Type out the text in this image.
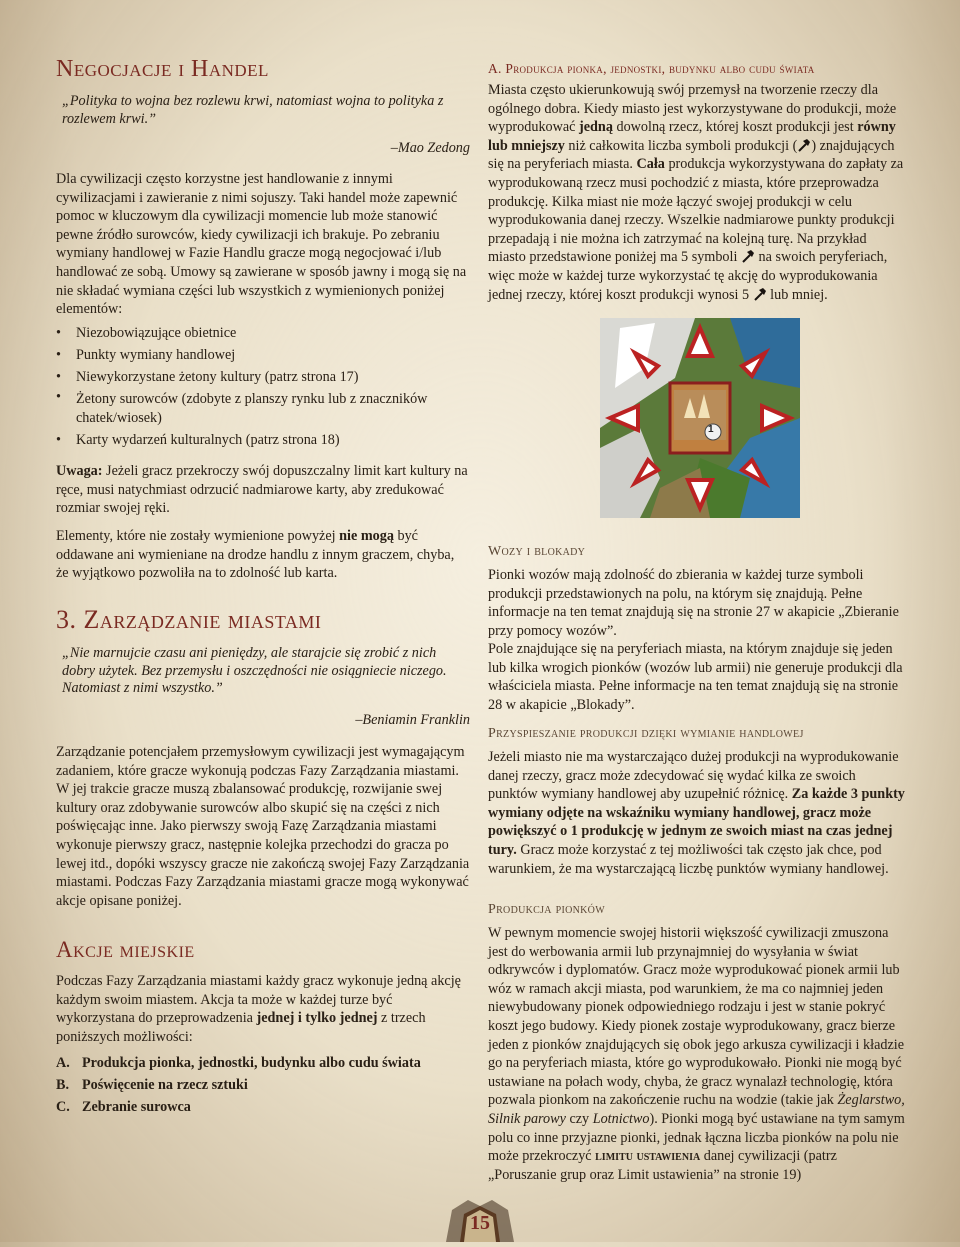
Negocjacje i Handel
„Polityka to wojna bez rozlewu krwi, natomiast wojna to polityka z rozlewem krwi.”
–Mao Zedong

Dla cywilizacji często korzystne jest handlowanie z innymi cywilizacjami i zawieranie z nimi sojuszy. Taki handel może zapewnić pomoc w kluczowym dla cywilizacji momencie lub może stanowić pewne źródło surowców, kiedy cywilizacji ich brakuje. Po zebraniu wymiany handlowej w Fazie Handlu gracze mogą negocjować i/lub handlować ze sobą. Umowy są zawierane w sposób jawny i mogą się na nie składać wymiana części lub wszystkich z wymienionych poniżej elementów:

• Niezobowiązujące obietnice
• Punkty wymiany handlowej
• Niewykorzystane żetony kultury (patrz strona 17)
• Żetony surowców (zdobyte z planszy rynku lub z znaczników chatek/wiosek)
• Karty wydarzeń kulturalnych (patrz strona 18)

Uwaga: Jeżeli gracz przekroczy swój dopuszczalny limit kart kultury na ręce, musi natychmiast odrzucić nadmiarowe karty, aby zredukować rozmiar swojej ręki.

Elementy, które nie zostały wymienione powyżej nie mogą być oddawane ani wymieniane na drodze handlu z innym graczem, chyba, że wyjątkowo pozwoliła na to zdolność lub karta.

3. Zarządzanie miastami
„Nie marnujcie czasu ani pieniędzy, ale starajcie się zrobić z nich dobry użytek. Bez przemysłu i oszczędności nie osiągniecie niczego. Natomiast z nimi wszystko.”
–Beniamin Franklin

Zarządzanie potencjałem przemysłowym cywilizacji jest wymagającym zadaniem, które gracze wykonują podczas Fazy Zarządzania miastami. W jej trakcie gracze muszą zbalansować produkcję, rozwijanie swej kultury oraz zdobywanie surowców albo skupić się na części z nich poświęcając inne. Jako pierwszy swoją Fazę Zarządzania miastami wykonuje pierwszy gracz, następnie kolejka przechodzi do gracza po lewej itd., dopóki wszyscy gracze nie zakończą swojej Fazy Zarządzania miastami. Podczas Fazy Zarządzania miastami gracze mogą wykonywać akcje opisane poniżej.

Akcje miejskie

Podczas Fazy Zarządzania miastami każdy gracz wykonuje jedną akcję każdym swoim miastem. Akcja ta może w każdej turze być wykorzystana do przeprowadzenia jednej i tylko jednej z trzech poniższych możliwości:

A. Produkcja pionka, jednostki, budynku albo cudu świata
B. Poświęcenie na rzecz sztuki
C. Zebranie surowca
A. Produkcja pionka, jednostki, budynku albo cudu świata

Miasta często ukierunkowują swój przemysł na tworzenie rzeczy dla ogólnego dobra. Kiedy miasto jest wykorzystywane do produkcji, może wyprodukować jedną dowolną rzecz, której koszt produkcji jest równy lub mniejszy niż całkowita liczba symboli produkcji ( ) znajdujących się na peryferiach miasta. Cała produkcja wykorzystywana do zapłaty za wyprodukowaną rzecz musi pochodzić z miasta, które przeprowadza produkcję. Kilka miast nie może łączyć swojej produkcji w celu wyprodukowania danej rzeczy. Wszelkie nadmiarowe punkty produkcji przepadają i nie można ich zatrzymać na kolejną turę. Na przykład miasto przedstawione poniżej ma 5 symboli  na swoich peryferiach, więc może w każdej turze wykorzystać tę akcję do wyprodukowania jednej rzeczy, której koszt produkcji wynosi 5  lub mniej.

1
Wozy i blokady

Pionki wozów mają zdolność do zbierania w każdej turze symboli produkcji przedstawionych na polu, na którym się znajdują. Pełne informacje na ten temat znajdują się na stronie 27 w akapicie „Zbieranie przy pomocy wozów”.

Pole znajdujące się na peryferiach miasta, na którym znajduje się jeden lub kilka wrogich pionków (wozów lub armii) nie generuje produkcji dla właściciela miasta. Pełne informacje na ten temat znajdują się na stronie 28 w akapicie „Blokady”.

Przyspieszanie produkcji dzięki wymianie handlowej

Jeżeli miasto nie ma wystarczająco dużej produkcji na wyprodukowanie danej rzeczy, gracz może zdecydować się wydać kilka ze swoich punktów wymiany handlowej aby uzupełnić różnicę. Za każde 3 punkty wymiany odjęte na wskaźniku wymiany handlowej, gracz może powiększyć o 1 produkcję w jednym ze swoich miast na czas jednej tury. Gracz może korzystać z tej możliwości tak często jak chce, pod warunkiem, że ma wystarczającą liczbę punktów wymiany handlowej.

Produkcja pionków

W pewnym momencie swojej historii większość cywilizacji zmuszona jest do werbowania armii lub przynajmniej do wysyłania w świat odkrywców i dyplomatów. Gracz może wyprodukować pionek armii lub wóz w ramach akcji miasta, pod warunkiem, że ma co najmniej jeden niewybudowany pionek odpowiedniego rodzaju i jest w stanie pokryć koszt jego budowy. Kiedy pionek zostaje wyprodukowany, gracz bierze jeden z pionków znajdujących się obok jego arkusza cywilizacji i kładzie go na peryferiach miasta, które go wyprodukowało. Pionki nie mogą być ustawiane na połach wody, chyba, że gracz wynalazł technologię, która pozwala pionkom na zakończenie ruchu na wodzie (takie jak Żeglarstwo, Silnik parowy czy Lotnictwo). Pionki mogą być ustawiane na tym samym polu co inne przyjazne pionki, jednak łączna liczba pionków na polu nie może przekroczyć limitu ustawienia danej cywilizacji (patrz „Poruszanie grup oraz Limit ustawienia” na stronie 19)

15
